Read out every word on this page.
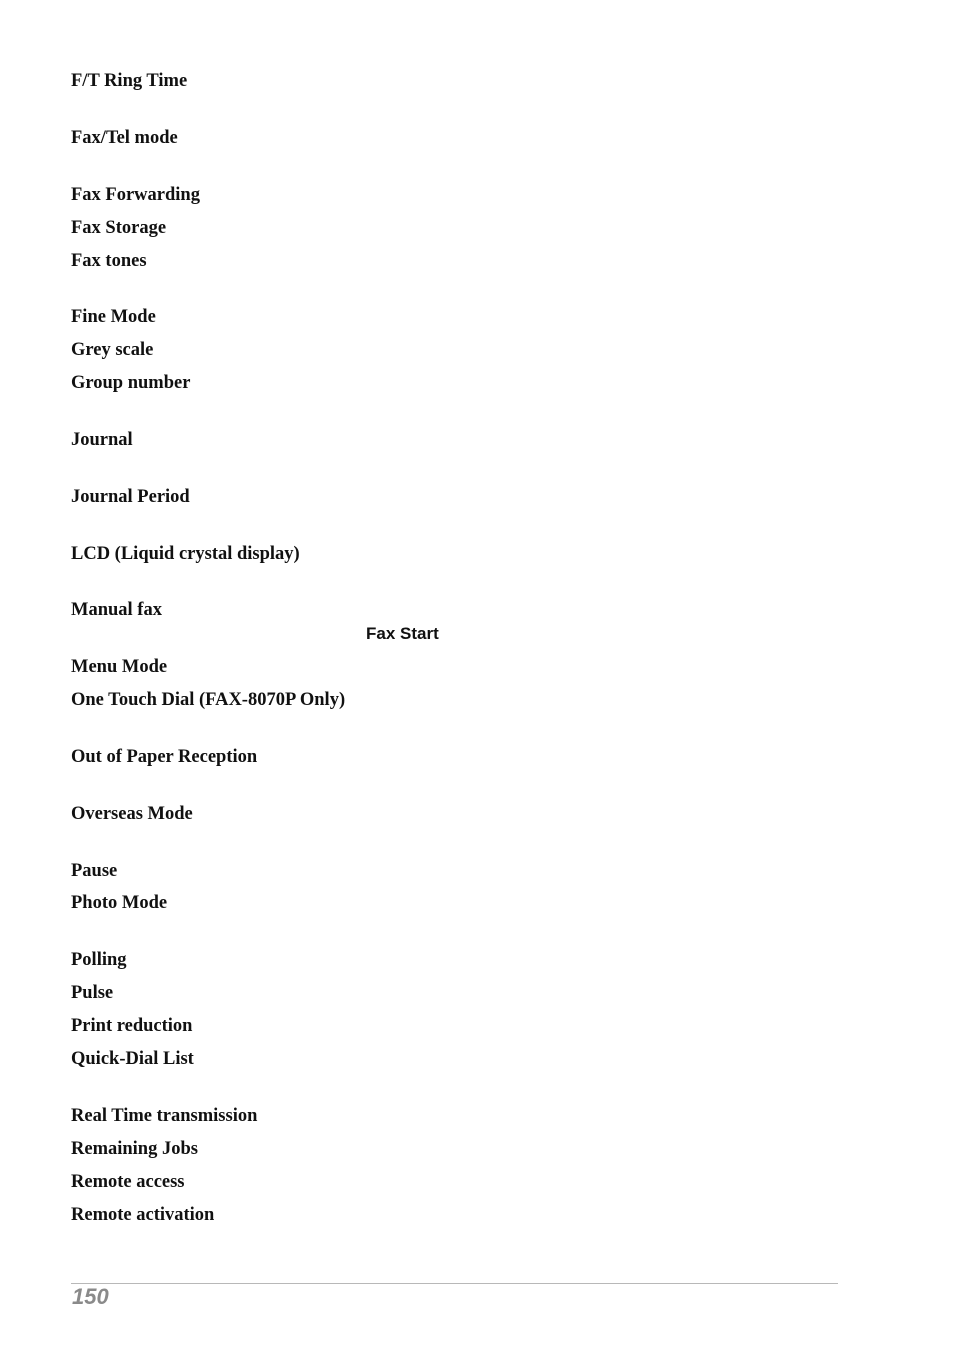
F/T Ring Time
Fax/Tel mode
Fax Forwarding
Fax Storage
Fax tones
Fine Mode
Grey scale
Group number
Journal
Journal Period
LCD (Liquid crystal display)
Manual fax
Fax Start
Menu Mode
One Touch Dial (FAX-8070P Only)
Out of Paper Reception
Overseas Mode
Pause
Photo Mode
Polling
Pulse
Print reduction
Quick-Dial List
Real Time transmission
Remaining Jobs
Remote access
Remote activation
150
